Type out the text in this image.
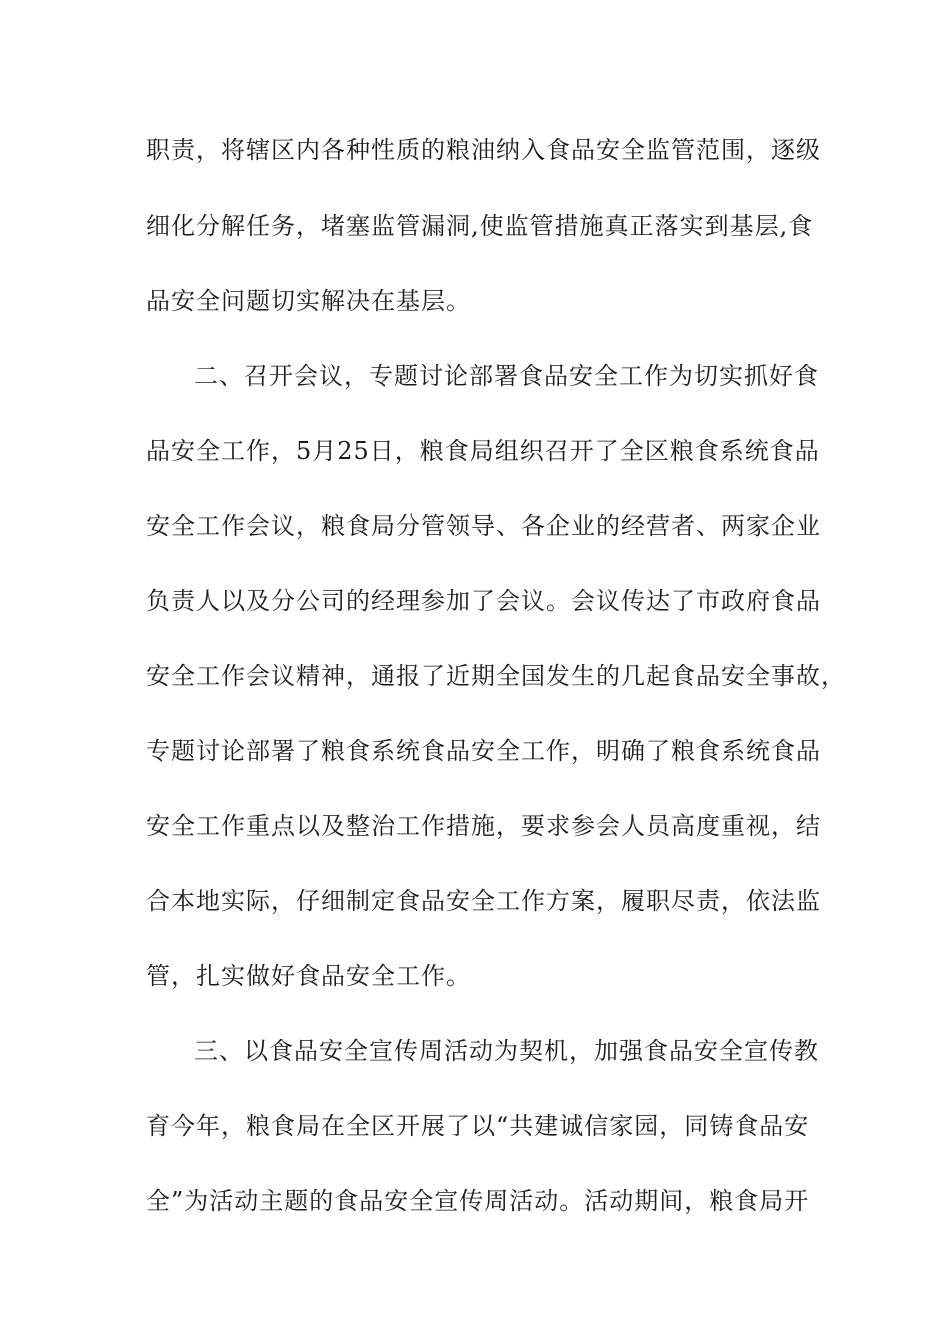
职责，将辖区内各种性质的粮油纳入食品安全监管范围，逐级
细化分解任务，堵塞监管漏洞,使监管措施真正落实到基层,食
品安全问题切实解决在基层。
二、召开会议，专题讨论部署食品安全工作为切实抓好食
品安全工作，5月25日，粮食局组织召开了全区粮食系统食品
安全工作会议，粮食局分管领导、各企业的经营者、两家企业
负责人以及分公司的经理参加了会议。会议传达了市政府食品
安全工作会议精神，通报了近期全国发生的几起食品安全事故，
专题讨论部署了粮食系统食品安全工作，明确了粮食系统食品
安全工作重点以及整治工作措施，要求参会人员高度重视，结
合本地实际，仔细制定食品安全工作方案，履职尽责，依法监
管，扎实做好食品安全工作。
三、以食品安全宣传周活动为契机，加强食品安全宣传教
育今年，粮食局在全区开展了以“共建诚信家园，同铸食品安
全”为活动主题的食品安全宣传周活动。活动期间，粮食局开
